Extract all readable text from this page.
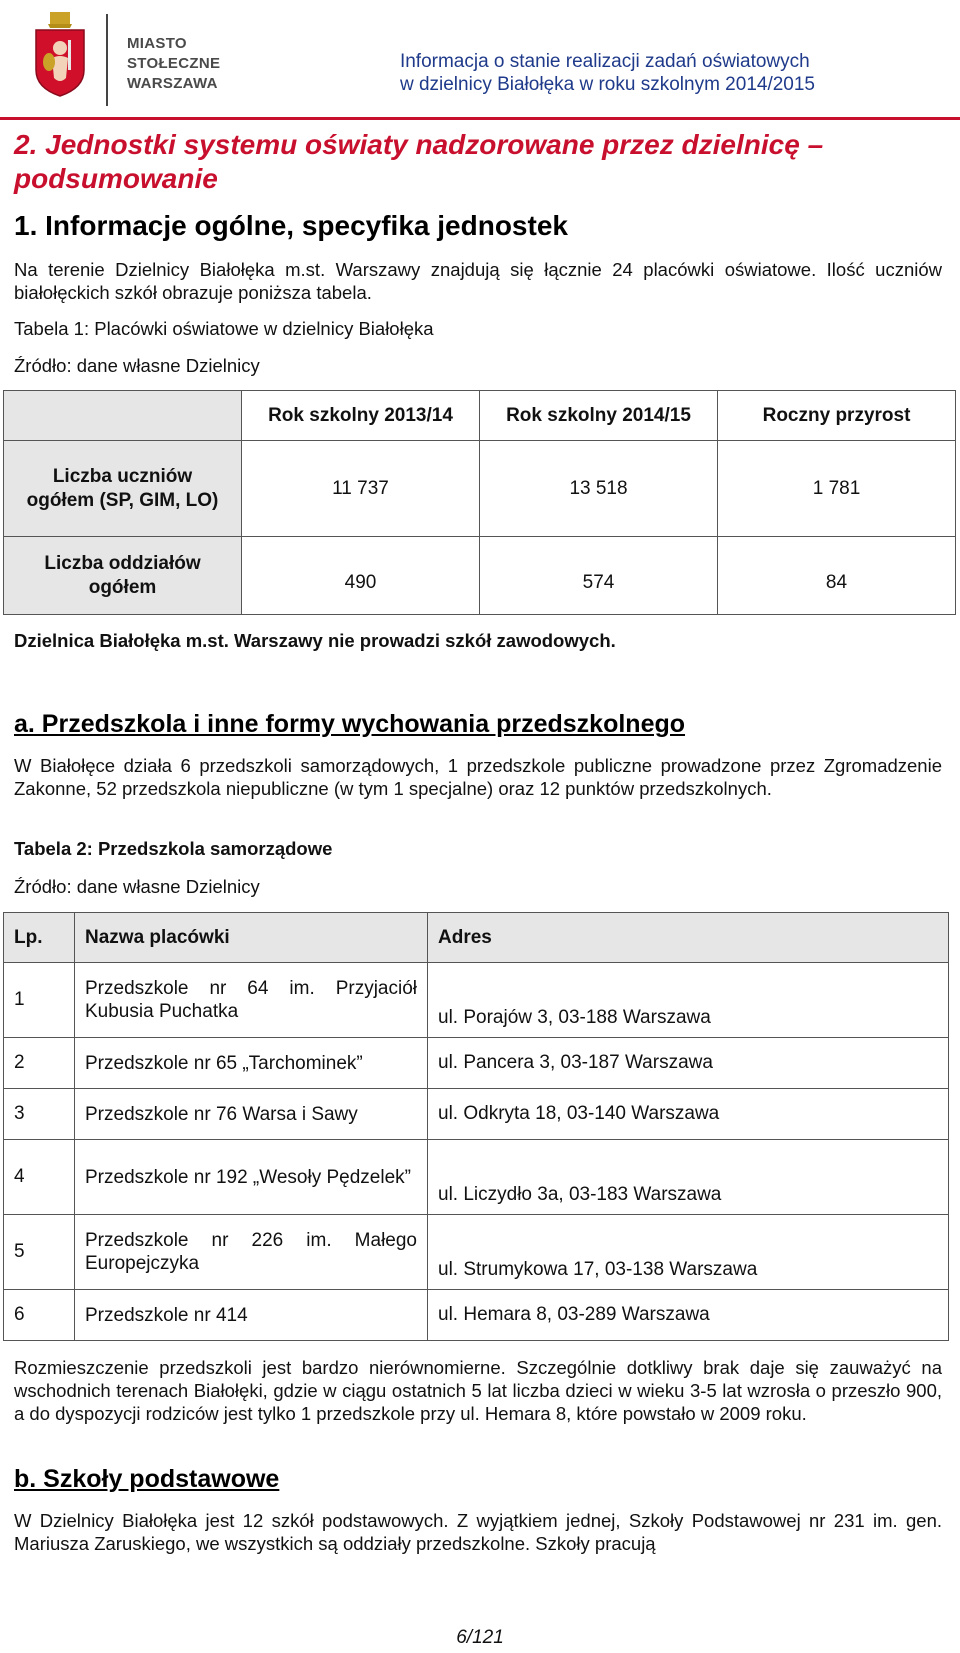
MIASTO
STOŁECZNE
WARSZAWA
Informacja o stanie realizacji zadań oświatowych
w dzielnicy Białołęka w roku szkolnym 2014/2015
2. Jednostki systemu oświaty nadzorowane przez dzielnicę – podsumowanie
1. Informacje ogólne, specyfika jednostek

Na terenie Dzielnicy Białołęka m.st. Warszawy znajdują się łącznie 24 placówki oświatowe. Ilość uczniów białołęckich szkół obrazuje poniższa tabela.

Tabela 1: Placówki oświatowe w dzielnicy Białołęka

Źródło: dane własne Dzielnicy

	Rok szkolny 2013/14	Rok szkolny 2014/15	Roczny przyrost
Liczba uczniów ogółem (SP, GIM, LO)	11 737	13 518	1 781
Liczba oddziałów ogółem	490	574	84

Dzielnica Białołęka m.st. Warszawy nie prowadzi szkół zawodowych.

a. Przedszkola i inne formy wychowania przedszkolnego

W Białołęce działa 6 przedszkoli samorządowych, 1 przedszkole publiczne prowadzone przez Zgromadzenie Zakonne, 52 przedszkola niepubliczne (w tym 1 specjalne) oraz 12 punktów przedszkolnych.

Tabela 2: Przedszkola samorządowe

Źródło: dane własne Dzielnicy

Lp.	Nazwa placówki	Adres
1	Przedszkole nr 64 im. Przyjaciół Kubusia Puchatka	ul. Porajów 3, 03-188 Warszawa
2	Przedszkole nr 65 „Tarchominek”	ul. Pancera 3, 03-187 Warszawa
3	Przedszkole nr 76 Warsa i Sawy	ul. Odkryta 18, 03-140 Warszawa
4	Przedszkole nr 192 „Wesoły Pędzelek”	ul. Liczydło 3a, 03-183 Warszawa
5	Przedszkole nr 226 im. Małego Europejczyka	ul. Strumykowa 17, 03-138 Warszawa
6	Przedszkole nr 414	ul. Hemara 8, 03-289 Warszawa

Rozmieszczenie przedszkoli jest bardzo nierównomierne. Szczególnie dotkliwy brak daje się zauważyć na wschodnich terenach Białołęki, gdzie w ciągu ostatnich 5 lat liczba dzieci w wieku 3-5 lat wzrosła o przeszło 900, a do dyspozycji rodziców jest tylko 1 przedszkole przy ul. Hemara 8, które powstało w 2009 roku.

b. Szkoły podstawowe

W Dzielnicy Białołęka jest 12 szkół podstawowych. Z wyjątkiem jednej, Szkoły Podstawowej nr 231 im. gen. Mariusza Zaruskiego, we wszystkich są oddziały przedszkolne. Szkoły pracują

6/121
